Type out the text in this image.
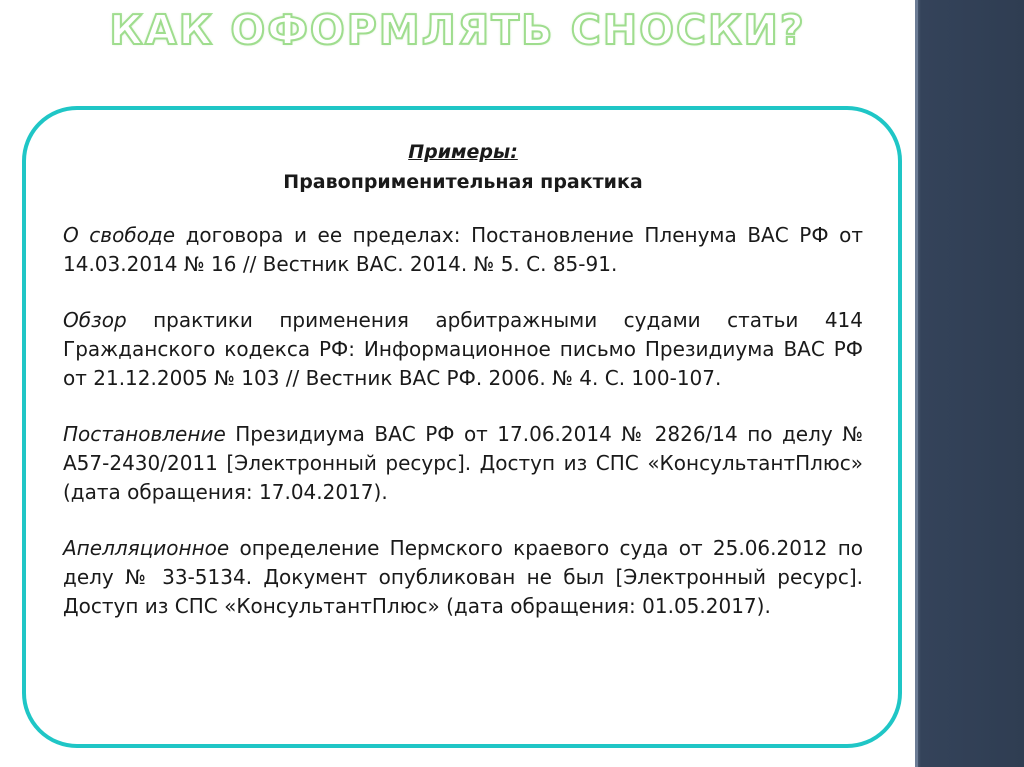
КАК ОФОРМЛЯТЬ СНОСКИ?
Примеры:
Правоприменительная практика
О свободе договора и ее пределах: Постановление Пленума ВАС РФ от 14.03.2014 № 16 // Вестник ВАС. 2014. № 5. С. 85-91.
Обзор практики применения арбитражными судами статьи 414 Гражданского кодекса РФ: Информационное письмо Президиума ВАС РФ от 21.12.2005 № 103 // Вестник ВАС РФ. 2006. № 4. С. 100-107.
Постановление Президиума ВАС РФ от 17.06.2014 № 2826/14 по делу № А57-2430/2011 [Электронный ресурс]. Доступ из СПС «КонсультантПлюс» (дата обращения: 17.04.2017).
Апелляционное определение Пермского краевого суда от 25.06.2012 по делу № 33-5134. Документ опубликован не был [Электронный ресурс]. Доступ из СПС «КонсультантПлюс» (дата обращения: 01.05.2017).
